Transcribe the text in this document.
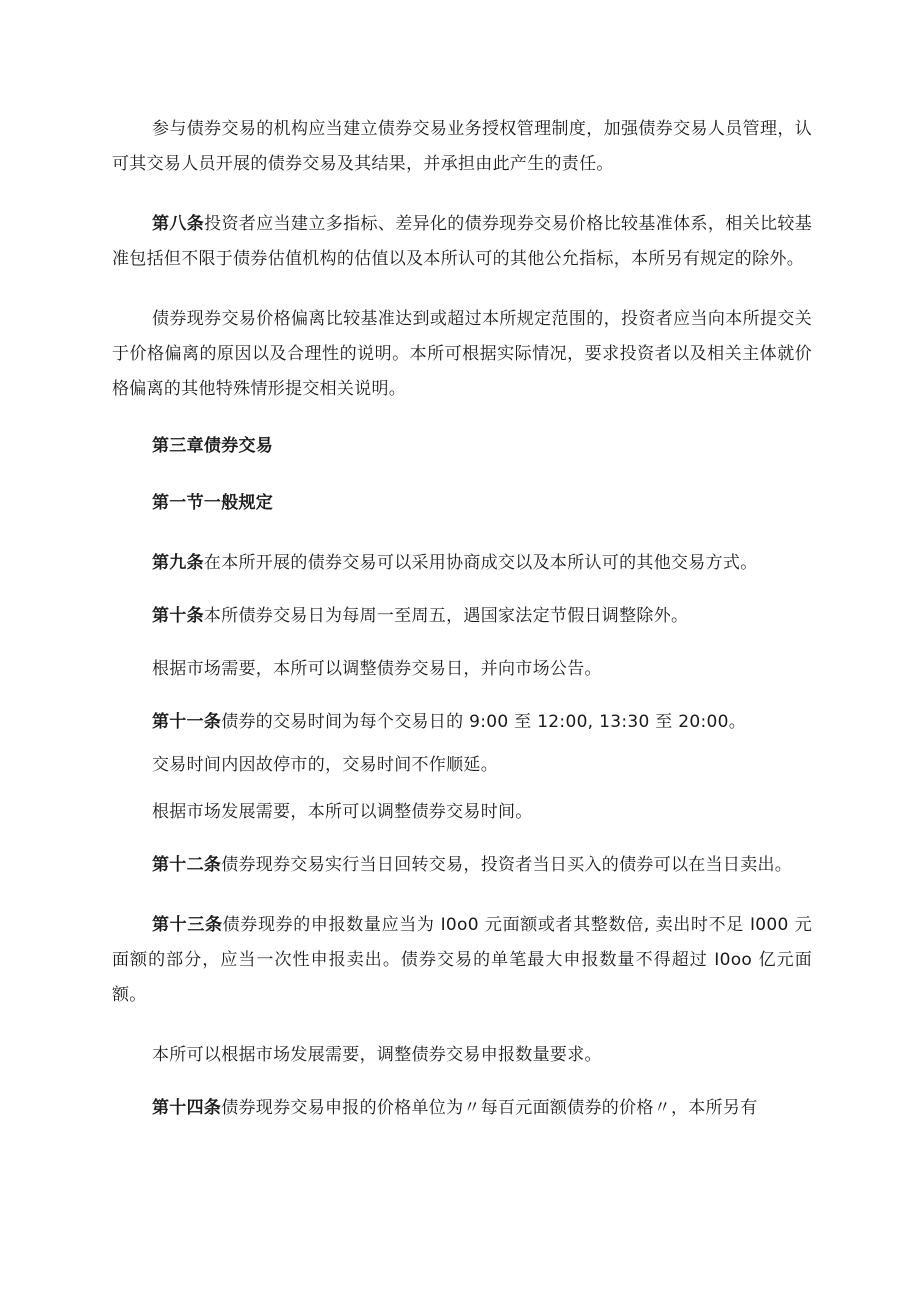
参与债券交易的机构应当建立债券交易业务授权管理制度，加强债券交易人员管理，认可其交易人员开展的债券交易及其结果，并承担由此产生的责任。

第八条投资者应当建立多指标、差异化的债券现券交易价格比较基准体系，相关比较基准包括但不限于债券估值机构的估值以及本所认可的其他公允指标，本所另有规定的除外。

债券现券交易价格偏离比较基准达到或超过本所规定范围的，投资者应当向本所提交关于价格偏离的原因以及合理性的说明。本所可根据实际情况，要求投资者以及相关主体就价格偏离的其他特殊情形提交相关说明。

第三章债券交易

第一节一般规定

第九条在本所开展的债券交易可以采用协商成交以及本所认可的其他交易方式。

第十条本所债券交易日为每周一至周五，遇国家法定节假日调整除外。

根据市场需要，本所可以调整债券交易日，并向市场公告。

第十一条债券的交易时间为每个交易日的 9:00 至 12:00, 13:30 至 20:00。

交易时间内因故停市的，交易时间不作顺延。

根据市场发展需要，本所可以调整债券交易时间。

第十二条债券现券交易实行当日回转交易，投资者当日买入的债券可以在当日卖出。

第十三条债券现券的申报数量应当为 I0o0 元面额或者其整数倍, 卖出时不足 I000 元面额的部分，应当一次性申报卖出。债券交易的单笔最大申报数量不得超过 I0oo 亿元面额。

本所可以根据市场发展需要，调整债券交易申报数量要求。

第十四条债券现券交易申报的价格单位为〃每百元面额债券的价格〃，本所另有
